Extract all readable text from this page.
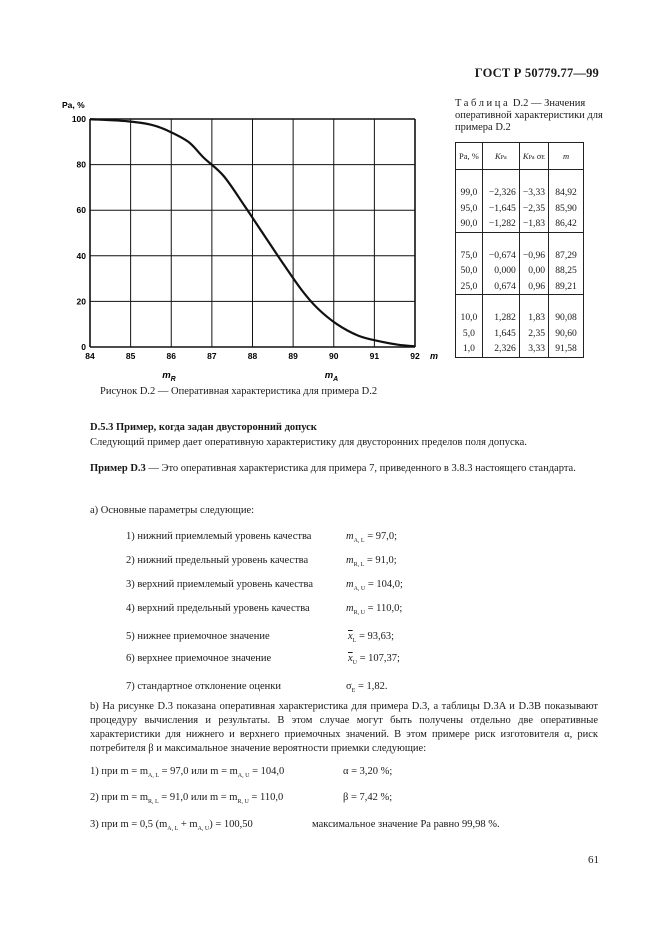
ГОСТ Р 50779.77—99
84	85	86	87	88	89	90	91	92
0
20
40
60
80
100
Pa, %
m
$m_R$	$m_A$
Рисунок D.2 — Оперативная характеристика для примера D.2
Таблица D.2 — Значения оперативной характеристики для примера D.2
Pa, %	KPa	KPa σE	m

99,0	−2,326	−3,33	84,92
95,0	−1,645	−2,35	85,90
90,0	−1,282	−1,83	86,42

75,0	−0,674	−0,96	87,29
50,0	0,000	0,00	88,25
25,0	0,674	0,96	89,21

10,0	1,282	1,83	90,08
5,0	1,645	2,35	90,60
1,0	2,326	3,33	91,58
D.5.3 Пример, когда задан двусторонний допуск
Следующий пример дает оперативную характеристику для двусторонних пределов поля допуска.
Пример D.3 — Это оперативная характеристика для примера 7, приведенного в 3.8.3 настоящего стандарта.
a) Основные параметры следующие:
1) нижний приемлемый уровень качества	$m_{A, L} = 97,0$;
2) нижний предельный уровень качества	$m_{R, L} = 91,0$;
3) верхний приемлемый уровень качества	$m_{A, U} = 104,0$;
4) верхний предельный уровень качества	$m_{R, U} = 110,0$;
5) нижнее приемочное значение	$\overline{x}_L = 93,63$;
6) верхнее приемочное значение	$\overline{x}_U = 107,37$;
7) стандартное отклонение оценки	$\sigma_E = 1,82$.
b) На рисунке D.3 показана оперативная характеристика для примера D.3, а таблицы D.3A и D.3B показывают процедуру вычисления и результаты. В этом случае могут быть получены отдельно две оперативные характеристики для нижнего и верхнего приемочных значений. В этом примере риск изготовителя α, риск потребителя β и максимальное значение вероятности приемки следующие:
1) при $m = m_{A, L} = 97,0$ или $m = m_{A, U} = 104,0$	α = 3,20 %;
2) при $m = m_{R, L} = 91,0$ или $m = m_{R, U} = 110,0$	β = 7,42 %;
3) при m = 0,5 $(m_{A, L} + m_{A, U}) = 100,50$	максимальное значение Pa равно 99,98 %.
61
